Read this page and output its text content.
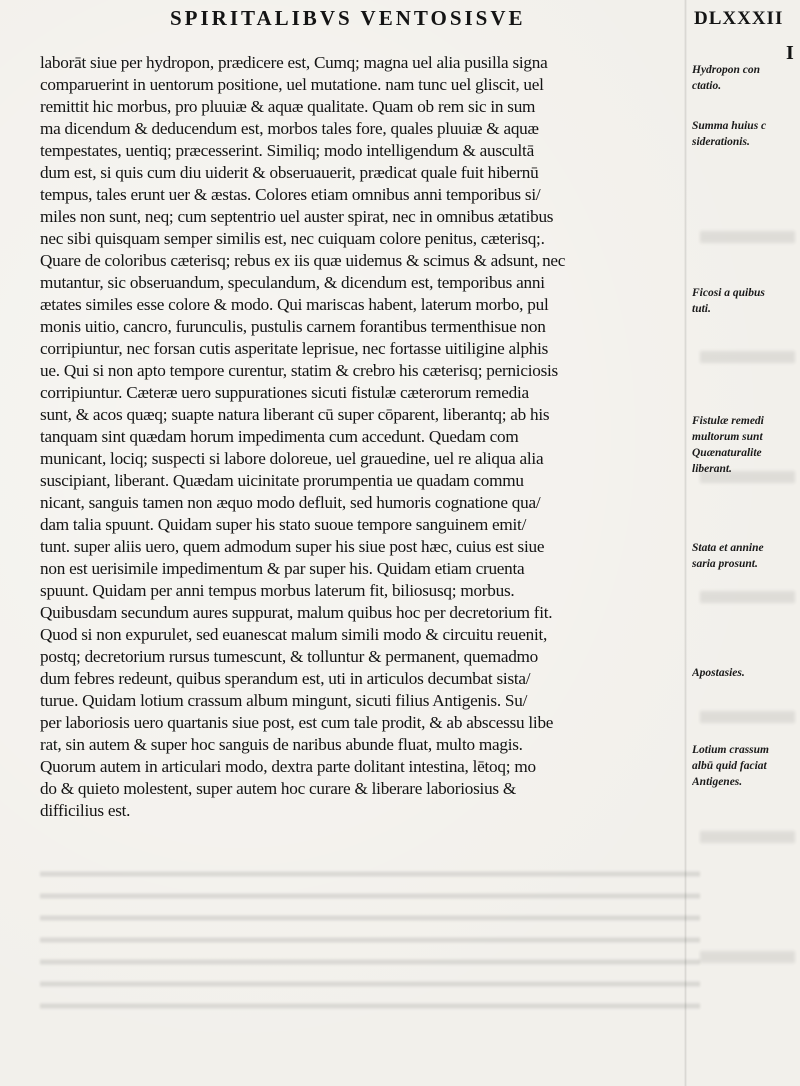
SPIRITALIBVS VENTOSISVE	DLXXXII
I
laborāt siue per hydropon, prædicere est, Cumq; magna uel alia pusilla signa
comparuerint in uentorum positione, uel mutatione. nam tunc uel gliscit, uel
remittit hic morbus, pro pluuiæ & aquæ qualitate. Quam ob rem sic in sum
ma dicendum & deducendum est, morbos tales fore, quales pluuiæ & aquæ
tempestates, uentiq; præcesserint. Similiq; modo intelligendum & auscultā
dum est, si quis cum diu uiderit & obseruauerit, prædicat quale fuit hibernū
tempus, tales erunt uer & æstas. Colores etiam omnibus anni temporibus si/
miles non sunt, neq; cum septentrio uel auster spirat, nec in omnibus ætatibus
nec sibi quisquam semper similis est, nec cuiquam colore penitus, cæterisq;.
Quare de coloribus cæterisq; rebus ex iis quæ uidemus & scimus & adsunt, nec
mutantur, sic obseruandum, speculandum, & dicendum est, temporibus anni
ætates similes esse colore & modo. Qui mariscas habent, laterum morbo, pul
monis uitio, cancro, furunculis, pustulis carnem forantibus termenthisue non
corripiuntur, nec forsan cutis asperitate leprisue, nec fortasse uitiligine alphis
ue. Qui si non apto tempore curentur, statim & crebro his cæterisq; perniciosis
corripiuntur. Cæteræ uero suppurationes sicuti fistulæ cæterorum remedia
sunt, & acos quæq; suapte natura liberant cū super cōparent, liberantq; ab his
tanquam sint quædam horum impedimenta cum accedunt. Quedam com
municant, lociq; suspecti si labore doloreue, uel grauedine, uel re aliqua alia
suscipiant, liberant. Quædam uicinitate prorumpentia ue quadam commu
nicant, sanguis tamen non æquo modo defluit, sed humoris cognatione qua/
dam talia spuunt. Quidam super his stato suoue tempore sanguinem emit/
tunt. super aliis uero, quem admodum super his siue post hæc, cuius est siue
non est uerisimile impedimentum & par super his. Quidam etiam cruenta
spuunt. Quidam per anni tempus morbus laterum fit, biliosusq; morbus.
Quibusdam secundum aures suppurat, malum quibus hoc per decretorium fit.
Quod si non expurulet, sed euanescat malum simili modo & circuitu reuenit,
postq; decretorium rursus tumescunt, & tolluntur & permanent, quemadmo
dum febres redeunt, quibus sperandum est, uti in articulos decumbat sista/
turue. Quidam lotium crassum album mingunt, sicuti filius Antigenis. Su/
per laboriosis uero quartanis siue post, est cum tale prodit, & ab abscessu libe
rat, sin autem & super hoc sanguis de naribus abunde fluat, multo magis.
Quorum autem in articulari modo, dextra parte dolitant intestina, lētoq; mo
do & quieto molestent, super autem hoc curare & liberare laboriosius &
difficilius est.
Hydropon con
ctatio.
Summa huius c
siderationis.
Ficosi a quibus
tuti.
Fistulæ remedi
multorum sunt
Quænaturalite
liberant.
Stata et annine
saria prosunt.
Apostasies.
Lotium crassum
albū quid faciat
Antigenes.
